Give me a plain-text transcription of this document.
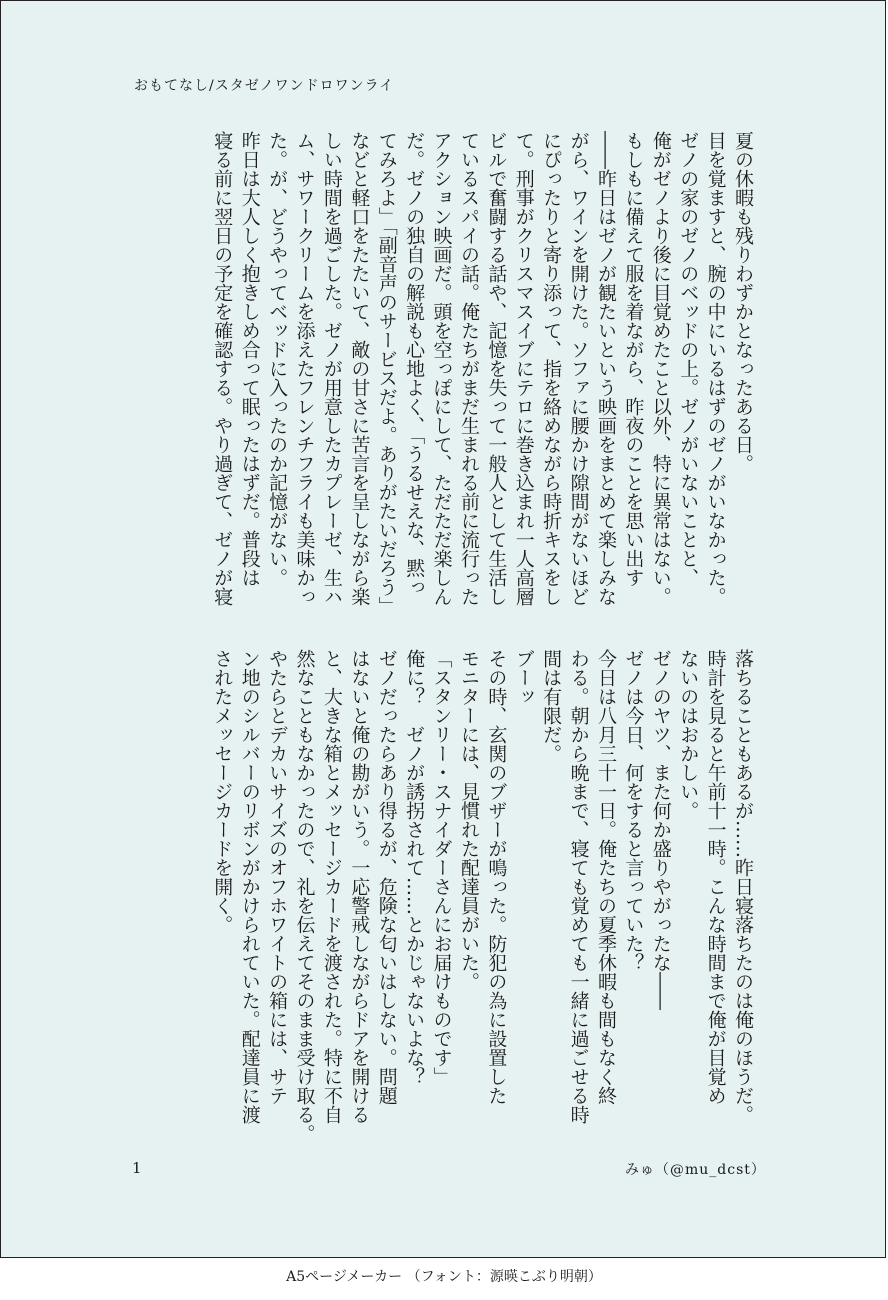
おもてなし/スタゼノワンドロワンライ

夏の休暇も残りわずかとなったある日。

目を覚ますと、腕の中にいるはずのゼノがいなかった。

ゼノの家のゼノのベッドの上。ゼノがいないことと、

俺がゼノより後に目覚めたこと以外、特に異常はない。

もしもに備えて服を着ながら、昨夜のことを思い出す

――昨日はゼノが観たいという映画をまとめて楽しみな

がら、ワインを開けた。ソファに腰かけ隙間がないほど

にぴったりと寄り添って、指を絡めながら時折キスをし

て。刑事がクリスマスイブにテロに巻き込まれ一人高層

ビルで奮闘する話や、記憶を失って一般人として生活し

ているスパイの話。俺たちがまだ生まれる前に流行った

アクション映画だ。頭を空っぽにして、ただただ楽しん

だ。ゼノの独自の解説も心地よく、「うるせえな、黙っ

てみろよ」「副音声のサービスだよ。ありがたいだろう」

などと軽口をたたいて、敵の甘さに苦言を呈しながら楽

しい時間を過ごした。ゼノが用意したカプレーゼ、生ハ

ム、サワークリームを添えたフレンチフライも美味かっ

た。が、どうやってベッドに入ったのか記憶がない。

昨日は大人しく抱きしめ合って眠ったはずだ。普段は

寝る前に翌日の予定を確認する。やり過ぎて、ゼノが寝

落ちることもあるが……昨日寝落ちたのは俺のほうだ。

時計を見ると午前十一時。こんな時間まで俺が目覚め

ないのはおかしい。

ゼノのヤツ、また何か盛りやがったな――

ゼノは今日、何をすると言っていた？

今日は八月三十一日。俺たちの夏季休暇も間もなく終

わる。朝から晩まで、寝ても覚めても一緒に過ごせる時

間は有限だ。

ブーッ

その時、玄関のブザーが鳴った。防犯の為に設置した

モニターには、見慣れた配達員がいた。

「スタンリー・スナイダーさんにお届けものです」

俺に？　ゼノが誘拐されて……とかじゃないよな？

ゼノだったらあり得るが、危険な匂いはしない。問題

はないと俺の勘がいう。一応警戒しながらドアを開ける

と、大きな箱とメッセージカードを渡された。特に不自

然なこともなかったので、礼を伝えてそのまま受け取る。

やたらとデカいサイズのオフホワイトの箱には、サテ

ン地のシルバーのリボンがかけられていた。配達員に渡

されたメッセージカードを開く。

1	みゅ（@mu_dcst）
A5ページメーカー （フォント：源暎こぶり明朝）
